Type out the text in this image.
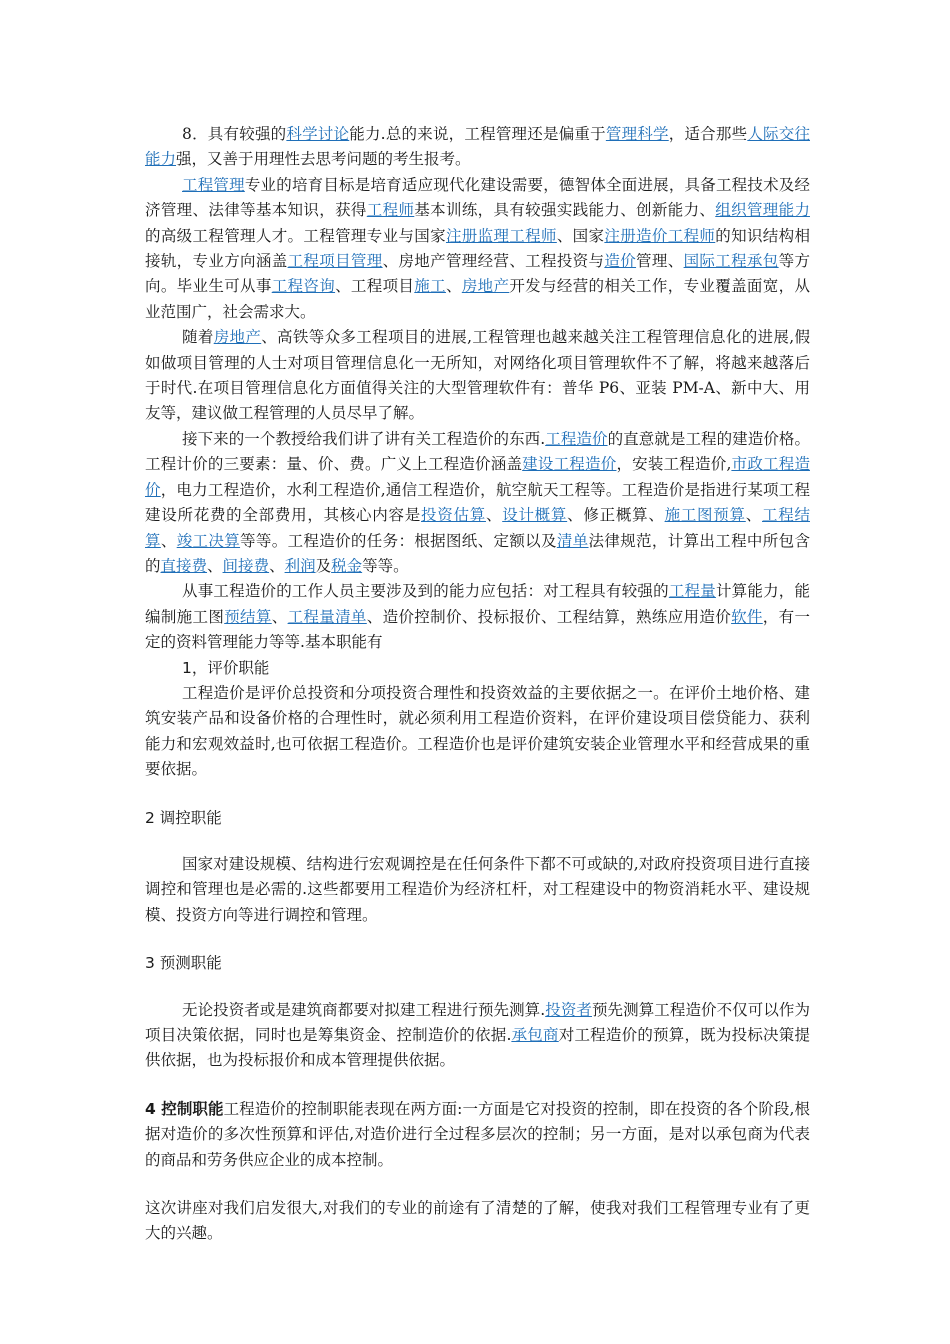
8．具有较强的科学讨论能力.总的来说，工程管理还是偏重于管理科学，适合那些人际交往能力强，又善于用理性去思考问题的考生报考。

工程管理专业的培育目标是培育适应现代化建设需要，德智体全面进展，具备工程技术及经济管理、法律等基本知识，获得工程师基本训练，具有较强实践能力、创新能力、组织管理能力的高级工程管理人才。工程管理专业与国家注册监理工程师、国家注册造价工程师的知识结构相接轨，专业方向涵盖工程项目管理、房地产管理经营、工程投资与造价管理、国际工程承包等方向。毕业生可从事工程咨询、工程项目施工、房地产开发与经营的相关工作，专业覆盖面宽，从业范围广，社会需求大。

随着房地产、高铁等众多工程项目的进展,工程管理也越来越关注工程管理信息化的进展,假如做项目管理的人士对项目管理信息化一无所知，对网络化项目管理软件不了解，将越来越落后于时代.在项目管理信息化方面值得关注的大型管理软件有：普华 P6、亚装 PM-A、新中大、用友等，建议做工程管理的人员尽早了解。

接下来的一个教授给我们讲了讲有关工程造价的东西.工程造价的直意就是工程的建造价格。工程计价的三要素：量、价、费。广义上工程造价涵盖建设工程造价，安装工程造价,市政工程造价，电力工程造价，水利工程造价,通信工程造价，航空航天工程等。工程造价是指进行某项工程建设所花费的全部费用，其核心内容是投资估算、设计概算、修正概算、施工图预算、工程结算、竣工决算等等。工程造价的任务：根据图纸、定额以及清单法律规范，计算出工程中所包含的直接费、间接费、利润及税金等等。

从事工程造价的工作人员主要涉及到的能力应包括：对工程具有较强的工程量计算能力，能编制施工图预结算、工程量清单、造价控制价、投标报价、工程结算，熟练应用造价软件，有一定的资料管理能力等等.基本职能有

1，评价职能

工程造价是评价总投资和分项投资合理性和投资效益的主要依据之一。在评价土地价格、建筑安装产品和设备价格的合理性时，就必须利用工程造价资料，在评价建设项目偿贷能力、获利能力和宏观效益时,也可依据工程造价。工程造价也是评价建筑安装企业管理水平和经营成果的重要依据。

2 调控职能

国家对建设规模、结构进行宏观调控是在任何条件下都不可或缺的,对政府投资项目进行直接调控和管理也是必需的.这些都要用工程造价为经济杠杆，对工程建设中的物资消耗水平、建设规模、投资方向等进行调控和管理。

3 预测职能

无论投资者或是建筑商都要对拟建工程进行预先测算.投资者预先测算工程造价不仅可以作为项目决策依据，同时也是筹集资金、控制造价的依据.承包商对工程造价的预算，既为投标决策提供依据，也为投标报价和成本管理提供依据。

4 控制职能工程造价的控制职能表现在两方面:一方面是它对投资的控制，即在投资的各个阶段,根据对造价的多次性预算和评估,对造价进行全过程多层次的控制；另一方面，是对以承包商为代表的商品和劳务供应企业的成本控制。

这次讲座对我们启发很大,对我们的专业的前途有了清楚的了解，使我对我们工程管理专业有了更大的兴趣。
